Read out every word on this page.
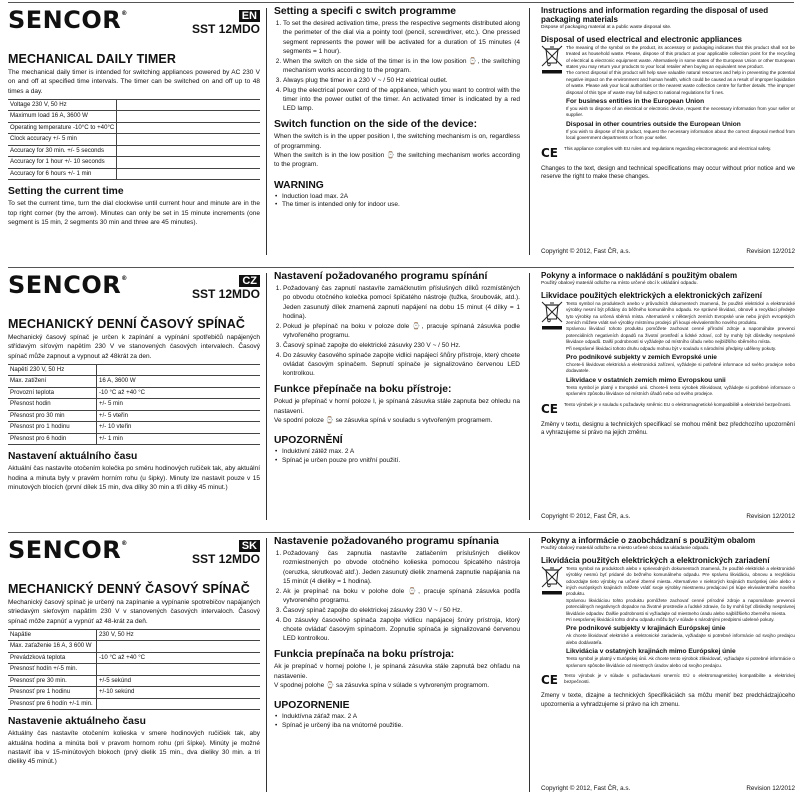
SENCOR®	EN
SST 12MDO
MECHANICAL DAILY TIMER

The mechanical daily timer is intended for switching appliances powered by AC 230 V on and off at specified time intervals. The timer can be switched on and off up to 48 times a day.

Voltage 230 V, 50 Hz	
Maximum load 16 A, 3600 W	
Operating temperature -10°C to +40°C	
Clock accuracy +/- 5 min	
Accuracy for 30 min. +/- 5 seconds	
Accuracy for 1 hour +/- 10 seconds	
Accuracy for 6 hours +/- 1 min	
Setting the current time

To set the current time, turn the dial clockwise until current hour and minute are in the top right corner (by the arrow). Minutes can only be set in 15 minute increments (one segment is 15 min, 2 segments 30 min and three are 45 minutes).

Setting a specifi c switch programme
1. To set the desired activation time, press the respective segments distributed along the perimeter of the dial via a pointy tool (pencil, screwdriver, etc.). One pressed segment represents the power will be activated for a duration of 15 minutes (4 segments = 1 hour).
2. When the switch on the side of the timer is in the low position ⌚, the switching mechanism works according to the program.
3. Always plug the timer in a 230 V ~ / 50 Hz eletrical outlet.
4. Plug the electrical power cord of the appliance, which you want to control with the timer into the power outlet of the timer. An activated timer is indicated by a red LED lamp.
Switch function on the side of the device:

When the switch is in the upper position I, the switching mechanism is on, regardless of programming.

When the switch is in the low position ⌚ the switching mechanism works according to the program.

WARNING
• Induction load max. 2A
• The timer is intended only for indoor use.
Instructions and information regarding the disposal of used packaging materials

Dispose of packaging material at a public waste disposal site.

Disposal of used electrical and electronic appliances

The meaning of the symbol on the product, its accessory or packaging indicates that this product shall not be treated as household waste. Please, dispose of this product at your applicable collection point for the recycling of electrical & electronic equipment waste. Alternatively in some states of the European Union or other European states you may return your products to your local retailer when buying an equivalent new product.

The correct disposal of this product will help save valuable natural resources and help in preventing the potential negative impact on the environment and human health, which could be caused as a result of improper liquidation of waste. Please ask your local authorities or the nearest waste collection centre for further details. The improper disposal of this type of waste may fall subject to national regulations for fi nes.

For business entities in the European Union

If you wish to dispose of an electrical or electronic device, request the necessary information from your seller or supplier.

Disposal in other countries outside the European Union

If you wish to dispose of this product, request the necessary information about the correct disposal method from local government departments or from your seller.

CE This appliance complies with EU rules and regulations regarding electromagnetic and electrical safety.

Changes to the text, design and technical specifications may occur without prior notice and we reserve the right to make these changes.

Copyright © 2012, Fast ČR, a.s.	Revision 12/2012
SENCOR®	CZ
SST 12MDO
MECHANICKÝ DENNÍ ČASOVÝ SPÍNAČ

Mechanický časový spínač je určen k zapínání a vypínání spotřebičů napájených střídavým síťovým napětím 230 V ve stanovených časových intervalech. Časový spínač může zapnout a vypnout až 48krát za den.

Napětí 230 V, 50 Hz	
Max. zatížení	16 A, 3600 W
Provozní teplota	-10 °C až +40 °C
Přesnost hodin	+/- 5 min
Přesnost pro 30 min	+/- 5 vteřin
Přesnost pro 1 hodinu	+/- 10 vteřin
Přesnost pro 6 hodin	+/- 1 min
Nastavení aktuálního času

Aktuální čas nastavíte otočením kolečka po směru hodinových ručiček tak, aby aktuální hodina a minuta byly v pravém horním rohu (u šipky). Minuty lze nastavit pouze v 15 minutových blocích (první dílek 15 min, dva dílky 30 min a tři dílky 45 minut.)

Nastavení požadovaného programu spínání
1. Požadovaný čas zapnutí nastavíte zamáčknutím příslušných dílků rozmístěných po obvodu otočného kolečka pomocí špičatého nástroje (tužka, šroubovák, atd.). Jeden zasunutý dílek znamená zapnutí napájení na dobu 15 minut (4 dílky = 1 hodina).
2. Pokud je přepínač na boku v poloze dole ⌚, pracuje spínaná zásuvka podle vytvořeného programu.
3. Časový spínač zapojte do elektrické zásuvky 230 V ~ / 50 Hz.
4. Do zásuvky časového spínače zapojte vidlici napájecí šňůry přístroje, který chcete ovládat časovým spínačem. Sepnutí spínače je signalizováno červenou LED kontrolkou.
Funkce přepínače na boku přístroje:

Pokud je přepínač v horní poloze I, je spínaná zásuvka stále zapnuta bez ohledu na nastavení.

Ve spodní poloze ⌚ se zásuvka spíná v souladu s vytvořeným programem.

UPOZORNĚNÍ
• Induktivní zátěž max. 2 A
• Spínač je určen pouze pro vnitřní použití.
Pokyny a informace o nakládání s použitým obalem

Použitý obalový materiál odložte na místo určené obcí k ukládání odpadu.

Likvidace použitých elektrických a elektronických zařízení

Tento symbol na produktech anebo v průvodních dokumentech znamená, že použité elektrické a elektronické výrobky nesmí být přidány do běžného komunálního odpadu. Ke správné likvidaci, obnově a recyklaci předejte tyto výrobky na určená sběrná místa. Alternativně v některých zemích Evropské unie nebo jiných evropských zemích můžete vrátit své výrobky místnímu prodejci při koupi ekvivalentního nového produktu.

Správnou likvidací tohoto produktu pomůžete zachovat cenné přírodní zdroje a napomáháte prevenci potenciálních negativních dopadů na životní prostředí a lidské zdraví, což by mohly být důsledky nesprávné likvidace odpadů. Další podrobnosti si vyžádejte od místního úřadu nebo nejbližšího sběrného místa.

Při nesprávné likvidaci tohoto druhu odpadu mohou být v souladu s národními předpisy uděleny pokuty.

Pro podnikové subjekty v zemích Evropské unie

Chcete-li likvidovat elektrická a elektronická zařízení, vyžádejte si potřebné informace od svého prodejce nebo dodavatele.

Likvidace v ostatních zemích mimo Evropskou unii

Tento symbol je platný v Evropské unii. Chcete-li tento výrobek zlikvidovat, vyžádejte si potřebné informace o správném způsobu likvidace od místních úřadů nebo od svého prodejce.

CE Tento výrobek je v souladu s požadavky směrnic EU o elektromagnetické kompatibilitě a elektrické bezpečnosti.

Změny v textu, designu a technických specifikací se mohou měnit bez předchozího upozornění a vyhrazujeme si právo na jejich změnu.

Copyright © 2012, Fast ČR, a.s.	Revision 12/2012
SENCOR®	SK
SST 12MDO
MECHANICKÝ DENNÝ ČASOVÝ SPÍNAČ

Mechanický časový spínač je určený na zapínanie a vypínanie spotrebičov napájaných striedavým sieťovým napätím 230 V v stanovených časových intervaloch. Časový spínač môže zapnúť a vypnúť až 48-krát za deň.

Napätie	230 V, 50 Hz
Max. zaťaženie 16 A, 3 600 W	
Prevádzková teplota	-10 °C až +40 °C
Presnosť hodín +/-5 min.	
Presnosť pre 30 min.	+/-5 sekúnd
Presnosť pre 1 hodinu	+/-10 sekúnd
Presnosť pre 6 hodín +/-1 min.	
Nastavenie aktuálneho času

Aktuálny čas nastavíte otočením kolieska v smere hodinových ručičiek tak, aby aktuálna hodina a minúta boli v pravom hornom rohu (pri šípke). Minúty je možné nastaviť iba v 15-minútových blokoch (prvý dielik 15 min., dva dieliky 30 min. a tri dieliky 45 minút.)

Nastavenie požadovaného programu spínania
1. Požadovaný čas zapnutia nastavíte zatlačením príslušných dielikov rozmiestnených po obvode otočného kolieska pomocou špicatého nástroja (ceruzka, skrutkovač atď.). Jeden zasunutý dielik znamená zapnutie napájania na 15 minút (4 dieliky = 1 hodina).
2. Ak je prepínač na boku v polohe dole ⌚, pracuje spínaná zásuvka podľa vytvoreného programu.
3. Časový spínač zapojte do elektrickej zásuvky 230 V ~ / 50 Hz.
4. Do zásuvky časového spínača zapojte vidlicu napájacej šnúry prístroja, ktorý chcete ovládať časovým spínačom. Zopnutie spínača je signalizované červenou LED kontrolkou.
Funkcia prepínača na boku prístroja:

Ak je prepínač v hornej polohe I, je spínaná zásuvka stále zapnutá bez ohľadu na nastavenie.

V spodnej polohe ⌚ sa zásuvka spína v súlade s vytvoreným programom.

UPOZORNENIE
• Induktívna záťaž max. 2 A
• Spínač je určený iba na vnútorné použitie.
Pokyny a informácie o zaobchádzaní s použitým obalom

Použitý obalový materiál odložte na miesto určené obcou na ukladanie odpadu.

Likvidácia použitých elektrických a elektronických zariadení

Tento symbol na produktoch alebo v sprievodných dokumentoch znamená, že použité elektrické a elektronické výrobky nesmú byť pridané do bežného komunálneho odpadu. Pre správnu likvidáciu, obnovu a recykláciu odovzdajte tieto výrobky na určené zberné miesta. Alternatívne v niektorých krajinách Európskej únie alebo v iných európskych krajinách môžete vrátiť svoje výrobky miestnemu predajcovi pri kúpe ekvivalentného nového produktu.

Správnou likvidáciou tohto produktu pomôžete zachovať cenné prírodné zdroje a napomáhate prevencii potenciálnych negatívnych dopadov na životné prostredie a ľudské zdravie, čo by mohli byť dôsledky nesprávnej likvidácie odpadov. Ďalšie podrobnosti si vyžiadajte od miestneho úradu alebo najbližšieho zberného miesta.

Pri nesprávnej likvidácii tohto druhu odpadu môžu byť v súlade s národnými predpismi udelené pokuty.

Pre podnikové subjekty v krajinách Európskej únie

Ak chcete likvidovať elektrické a elektronické zariadenia, vyžiadajte si potrebné informácie od svojho predajcu alebo dodávateľa.

Likvidácia v ostatných krajinách mimo Európskej únie

Tento symbol je platný v Európskej únii. Ak chcete tento výrobok zlikvidovať, vyžiadajte si potrebné informácie o správnom spôsobe likvidácie od miestnych úradov alebo od svojho predajcu.

CE Tento výrobok je v súlade s požiadavkami smerníc EÚ o elektromagnetickej kompatibilite a elektrickej bezpečnosti.

Zmeny v texte, dizajne a technických špecifikáciách sa môžu meniť bez predchádzajúceho upozornenia a vyhradzujeme si právo na ich zmenu.

Copyright © 2012, Fast ČR, a.s.	Revision 12/2012
